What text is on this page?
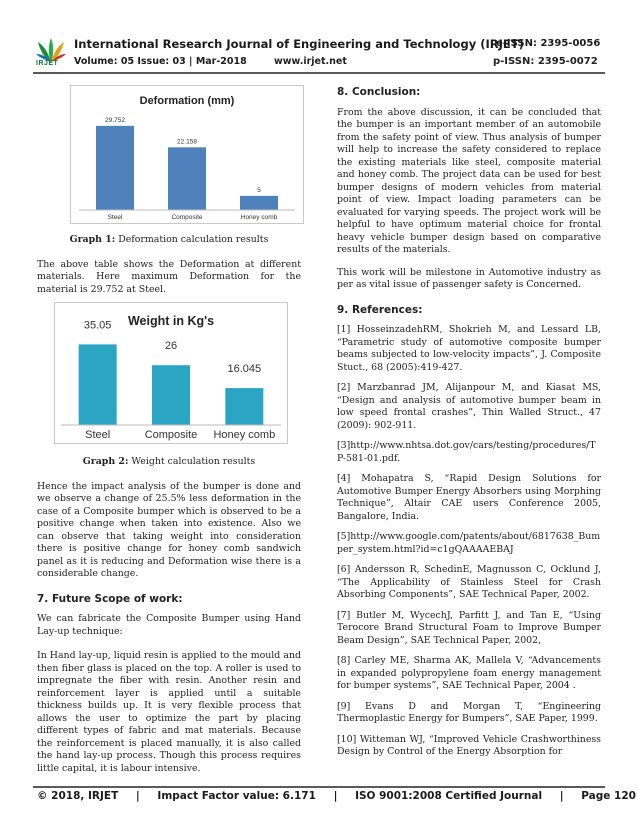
IRJET
International Research Journal of Engineering and Technology (IRJET)
e-ISSN: 2395-0056
Volume: 05 Issue: 03 | Mar-2018	www.irjet.net	p-ISSN: 2395-0072
Deformation (mm)
29.752
Steel
22.158
Composite
5
Honey comb

Graph 1: Deformation calculation results

The above table shows the Deformation at different materials. Here maximum Deformation for the material is 29.752 at Steel.

Weight in Kg's
35.05
Steel
26
Composite
16.045
Honey comb

Graph 2: Weight calculation results

Hence the impact analysis of the bumper is done and we observe a change of 25.5% less deformation in the case of a Composite bumper which is observed to be a positive change when taken into existence. Also we can observe that taking weight into consideration there is positive change for honey comb sandwich panel as it is reducing and Deformation wise there is a considerable change.

7. Future Scope of work:

We can fabricate the Composite Bumper using Hand Lay-up technique:

In Hand lay-up, liquid resin is applied to the mould and then fiber glass is placed on the top. A roller is used to impregnate the fiber with resin. Another resin and reinforcement layer is applied until a suitable thickness builds up. It is very flexible process that allows the user to optimize the part by placing different types of fabric and mat materials. Because the reinforcement is placed manually, it is also called the hand lay-up process. Though this process requires little capital, it is labour intensive.

8. Conclusion:

From the above discussion, it can be concluded that the bumper is an important member of an automobile from the safety point of view. Thus analysis of bumper will help to increase the safety considered to replace the existing materials like steel, composite material and honey comb. The project data can be used for best bumper designs of modern vehicles from material point of view. Impact loading parameters can be evaluated for varying speeds. The project work will be helpful to have optimum material choice for frontal heavy vehicle bumper design based on comparative results of the materials.

This work will be milestone in Automotive industry as per as vital issue of passenger safety is Concerned.

9. References:

[1] HosseinzadehRM, Shokrieh M, and Lessard LB, “Parametric study of automotive composite bumper beams subjected to low-velocity impacts”, J. Composite Stuct., 68 (2005):419-427.

[2] Marzbanrad JM, Alijanpour M, and Kiasat MS, “Design and analysis of automotive bumper beam in low speed frontal crashes”, Thin Walled Struct., 47 (2009): 902-911.

[3]http://www.nhtsa.dot.gov/cars/testing/procedures/TP-581-01.pdf.

[4] Mohapatra S, “Rapid Design Solutions for Automotive Bumper Energy Absorbers using Morphing Technique”, Altair CAE users Conference 2005, Bangalore, India.

[5]http://www.google.com/patents/about/6817638_Bumper_system.html?id=c1gQAAAAEBAJ

[6] Andersson R, SchedinE, Magnusson C, Ocklund J, “The Applicability of Stainless Steel for Crash Absorbing Components”, SAE Technical Paper, 2002.

[7] Butler M, WycechJ, Parfitt J, and Tan E, “Using Terocore Brand Structural Foam to Improve Bumper Beam Design”, SAE Technical Paper, 2002,

[8] Carley ME, Sharma AK, Mallela V, “Advancements in expanded polypropylene foam energy management for bumper systems”, SAE Technical Paper, 2004 .

[9] Evans D and Morgan T, “Engineering Thermoplastic Energy for Bumpers”, SAE Paper, 1999.

[10] Witteman WJ, “Improved Vehicle Crashworthiness Design by Control of the Energy Absorption for

© 2018, IRJET | Impact Factor value: 6.171 | ISO 9001:2008 Certified Journal | Page 120
